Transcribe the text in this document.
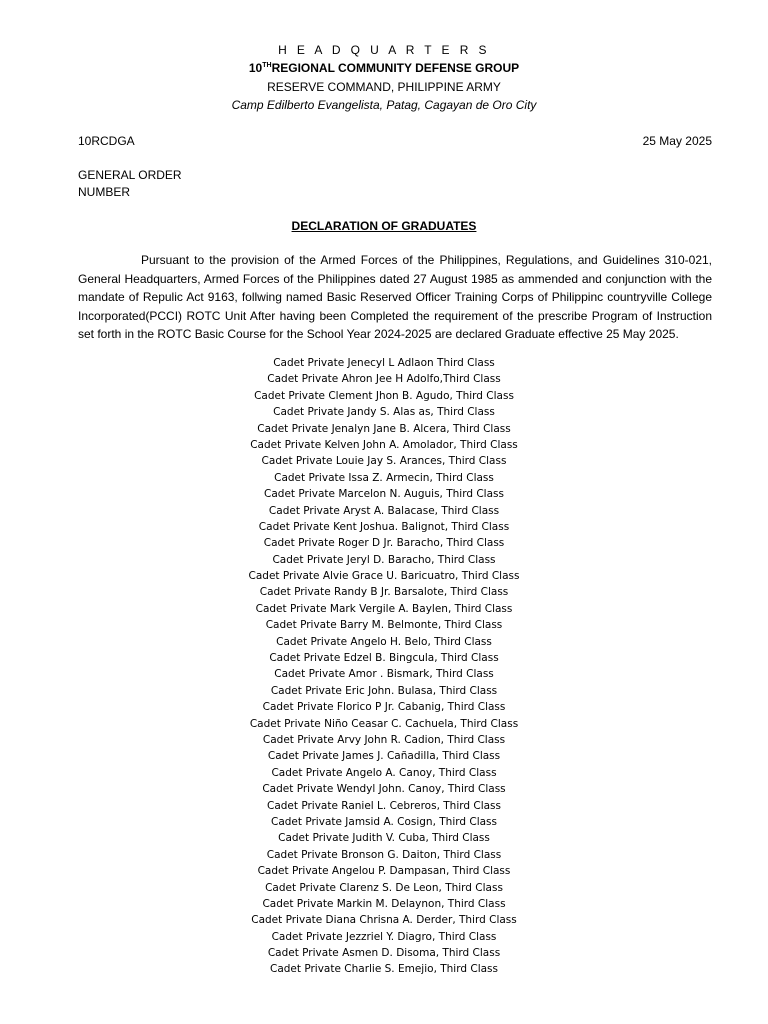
H E A D Q U A R T E R S
10THREGIONAL COMMUNITY DEFENSE GROUP
RESERVE COMMAND, PHILIPPINE ARMY
Camp Edilberto Evangelista, Patag, Cagayan de Oro City
10RCDGA	25 May 2025
GENERAL ORDER
NUMBER
DECLARATION OF GRADUATES

Pursuant to the provision of the Armed Forces of the Philippines, Regulations, and Guidelines 310-021, General Headquarters, Armed Forces of the Philippines dated 27 August 1985 as ammended and conjunction with the mandate of Repulic Act 9163, follwing named Basic Reserved Officer Training Corps of Philippinc countryville College Incorporated(PCCI) ROTC Unit After having been Completed the requirement of the prescribe Program of Instruction set forth in the ROTC Basic Course for the School Year 2024-2025 are declared Graduate effective 25 May 2025.

Cadet Private Jenecyl L Adlaon Third Class
Cadet Private Ahron Jee H Adolfo,Third Class
Cadet Private Clement Jhon B. Agudo, Third Class
Cadet Private Jandy S. Alas as, Third Class
Cadet Private Jenalyn Jane B. Alcera, Third Class
Cadet Private Kelven John A. Amolador, Third Class
Cadet Private Louie Jay S. Arances, Third Class
Cadet Private Issa Z. Armecin, Third Class
Cadet Private Marcelon N. Auguis, Third Class
Cadet Private Aryst A. Balacase, Third Class
Cadet Private Kent Joshua. Balignot, Third Class
Cadet Private Roger D Jr. Baracho, Third Class
Cadet Private Jeryl D. Baracho, Third Class
Cadet Private Alvie Grace U. Baricuatro, Third Class
Cadet Private Randy B Jr. Barsalote, Third Class
Cadet Private Mark Vergile A. Baylen, Third Class
Cadet Private Barry M. Belmonte, Third Class
Cadet Private Angelo H. Belo, Third Class
Cadet Private Edzel B. Bingcula, Third Class
Cadet Private Amor . Bismark, Third Class
Cadet Private Eric John. Bulasa, Third Class
Cadet Private Florico P Jr. Cabanig, Third Class
Cadet Private Niño Ceasar C. Cachuela, Third Class
Cadet Private Arvy John R. Cadion, Third Class
Cadet Private James J. Cañadilla, Third Class
Cadet Private Angelo A. Canoy, Third Class
Cadet Private Wendyl John. Canoy, Third Class
Cadet Private Raniel L. Cebreros, Third Class
Cadet Private Jamsid A. Cosign, Third Class
Cadet Private Judith V. Cuba, Third Class
Cadet Private Bronson G. Daiton, Third Class
Cadet Private Angelou P. Dampasan, Third Class
Cadet Private Clarenz S. De Leon, Third Class
Cadet Private Markin M. Delaynon, Third Class
Cadet Private Diana Chrisna A. Derder, Third Class
Cadet Private Jezzriel Y. Diagro, Third Class
Cadet Private Asmen D. Disoma, Third Class
Cadet Private Charlie S. Emejio, Third Class
